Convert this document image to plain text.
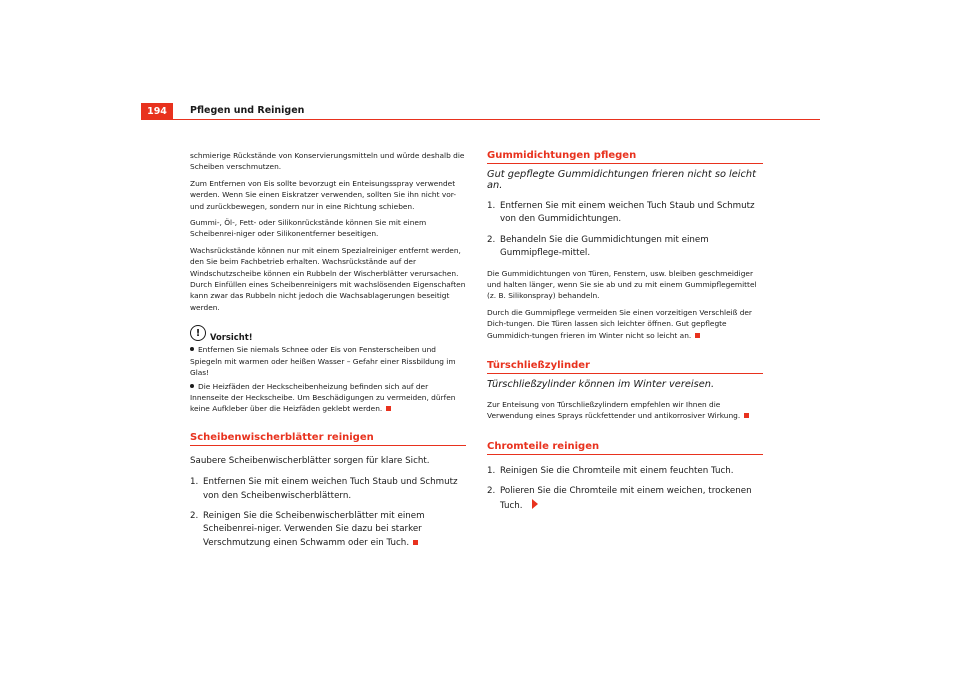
194	Pflegen und Reinigen

schmierige Rückstände von Konservierungsmitteln und würde deshalb die Scheiben verschmutzen.

Zum Entfernen von Eis sollte bevorzugt ein Enteisungsspray verwendet werden. Wenn Sie einen Eiskratzer verwenden, sollten Sie ihn nicht vor- und zurückbewegen, sondern nur in eine Richtung schieben.

Gummi-, Öl-, Fett- oder Silikonrückstände können Sie mit einem Scheibenrei-niger oder Silikonentferner beseitigen.

Wachsrückstände können nur mit einem Spezialreiniger entfernt werden, den Sie beim Fachbetrieb erhalten. Wachsrückstände auf der Windschutzscheibe können ein Rubbeln der Wischerblätter verursachen. Durch Einfüllen eines Scheibenreinigers mit wachslösenden Eigenschaften kann zwar das Rubbeln nicht jedoch die Wachsablagerungen beseitigt werden.

!	Vorsicht!

Entfernen Sie niemals Schnee oder Eis von Fensterscheiben und Spiegeln mit warmen oder heißen Wasser – Gefahr einer Rissbildung im Glas!

Die Heizfäden der Heckscheibenheizung befinden sich auf der Innenseite der Heckscheibe. Um Beschädigungen zu vermeiden, dürfen keine Aufkleber über die Heizfäden geklebt werden.

Scheibenwischerblätter reinigen

Saubere Scheibenwischerblätter sorgen für klare Sicht.

1. Entfernen Sie mit einem weichen Tuch Staub und Schmutz von den Scheibenwischerblättern.
2. Reinigen Sie die Scheibenwischerblätter mit einem Scheibenrei-niger. Verwenden Sie dazu bei starker Verschmutzung einen Schwamm oder ein Tuch.
Gummidichtungen pflegen
Gut gepflegte Gummidichtungen frieren nicht so leicht an.
1. Entfernen Sie mit einem weichen Tuch Staub und Schmutz von den Gummidichtungen.
2. Behandeln Sie die Gummidichtungen mit einem Gummipflege-mittel.

Die Gummidichtungen von Türen, Fenstern, usw. bleiben geschmeidiger und halten länger, wenn Sie sie ab und zu mit einem Gummipflegemittel (z. B. Silikonspray) behandeln.

Durch die Gummipflege vermeiden Sie einen vorzeitigen Verschleiß der Dich-tungen. Die Türen lassen sich leichter öffnen. Gut gepflegte Gummidich-tungen frieren im Winter nicht so leicht an.

Türschließzylinder
Türschließzylinder können im Winter vereisen.

Zur Enteisung von Türschließzylindern empfehlen wir Ihnen die Verwendung eines Sprays rückfettender und antikorrosiver Wirkung.

Chromteile reinigen
1. Reinigen Sie die Chromteile mit einem feuchten Tuch.
2. Polieren Sie die Chromteile mit einem weichen, trockenen Tuch.
